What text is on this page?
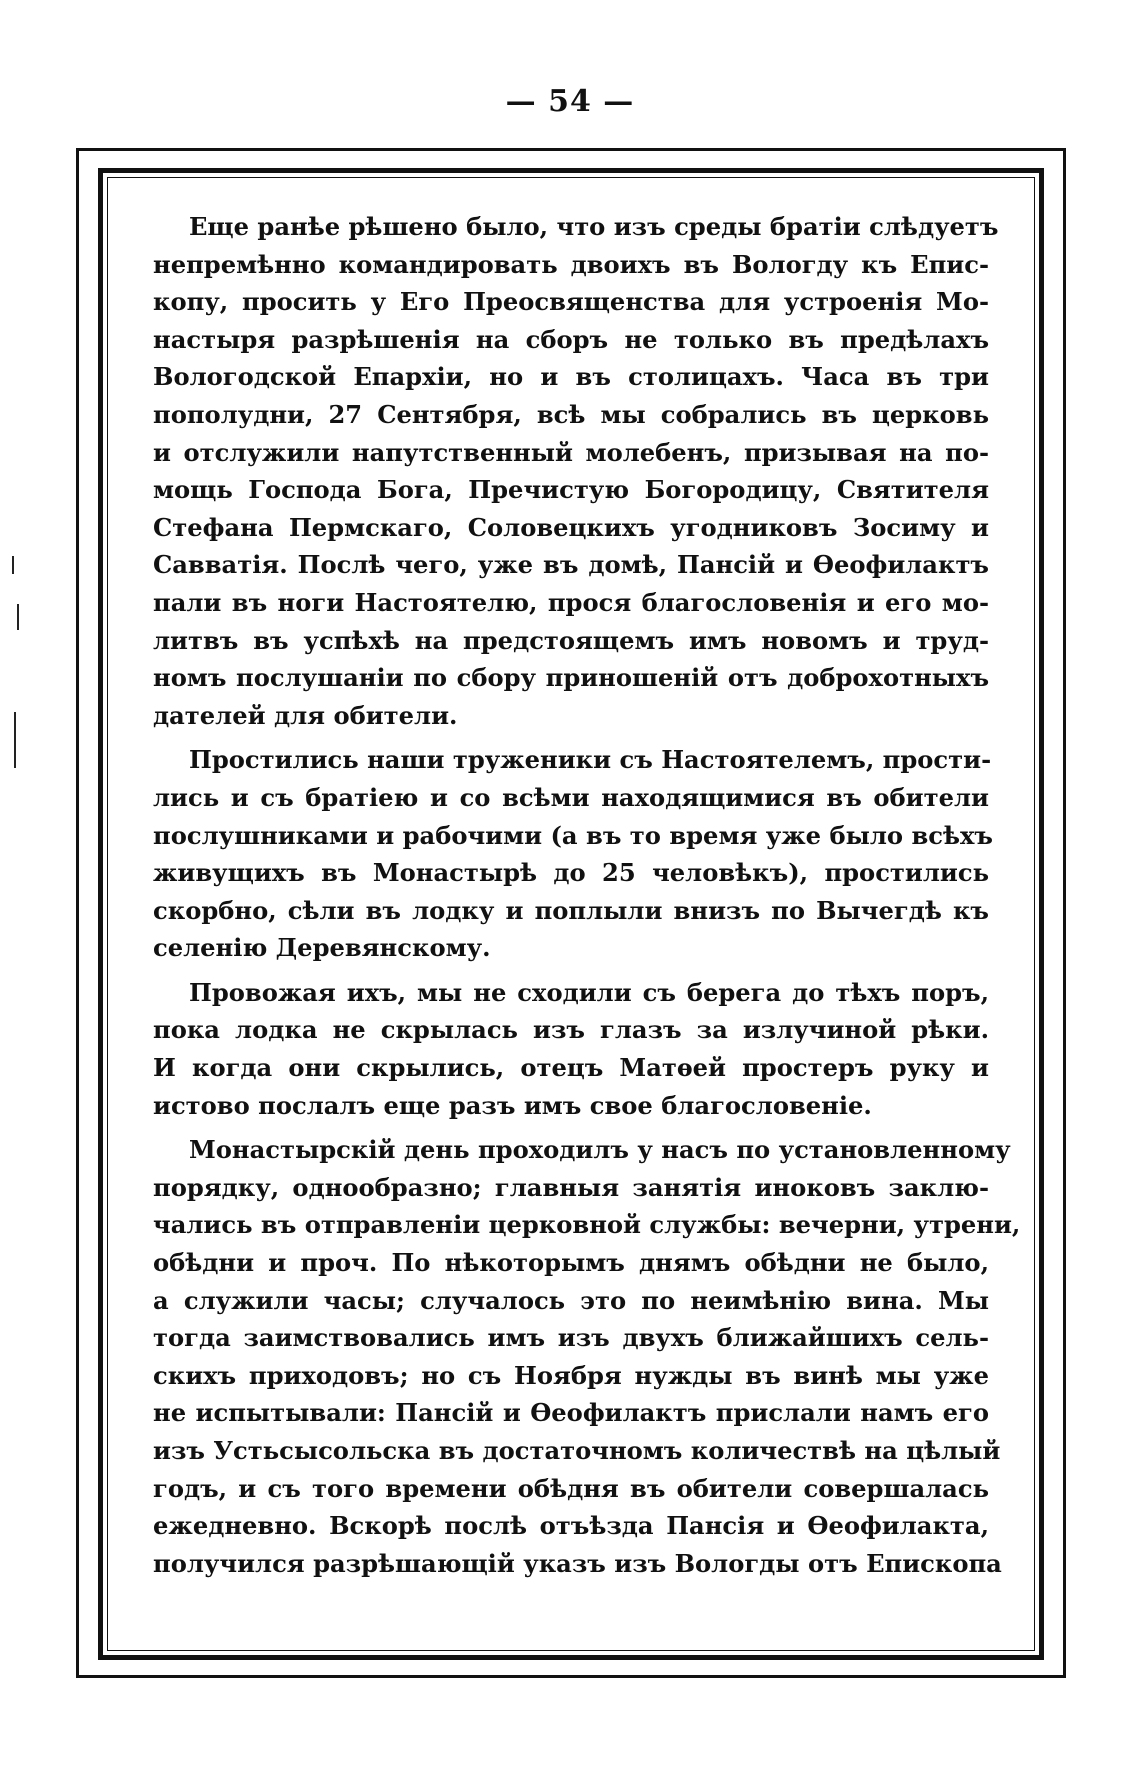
— 54 —
Еще ранѣе рѣшено было, что изъ среды братіи слѣдуетъ
непремѣнно командировать двоихъ въ Вологду къ Епис-
копу, просить у Его Преосвященства для устроенія Мо-
настыря разрѣшенія на сборъ не только въ предѣлахъ
Вологодской Епархіи, но и въ столицахъ. Часа въ три
пополудни, 27 Сентября, всѣ мы собрались въ церковь
и отслужили напутственный молебенъ, призывая на по-
мощь Господа Бога, Пречистую Богородицу, Святителя
Стефана Пермскаго, Соловецкихъ угодниковъ Зосиму и
Савватія. Послѣ чего, уже въ домѣ, Пансій и Ѳеофилактъ
пали въ ноги Настоятелю, прося благословенія и его мо-
литвъ въ успѣхѣ на предстоящемъ имъ новомъ и труд-
номъ послушаніи по сбору приношеній отъ доброхотныхъ
дателей для обители.
Простились наши труженики съ Настоятелемъ, прости-
лись и съ братіею и со всѣми находящимися въ обители
послушниками и рабочими (а въ то время уже было всѣхъ
живущихъ въ Монастырѣ до 25 человѣкъ), простились
скорбно, сѣли въ лодку и поплыли внизъ по Вычегдѣ къ
селенію Деревянскому.
Провожая ихъ, мы не сходили съ берега до тѣхъ поръ,
пока лодка не скрылась изъ глазъ за излучиной рѣки.
И когда они скрылись, отецъ Матѳей простеръ руку и
истово послалъ еще разъ имъ свое благословеніе.
Монастырскій день проходилъ у насъ по установленному
порядку, однообразно; главныя занятія иноковъ заклю-
чались въ отправленіи церковной службы: вечерни, утрени,
обѣдни и проч. По нѣкоторымъ днямъ обѣдни не было,
а служили часы; случалось это по неимѣнію вина. Мы
тогда заимствовались имъ изъ двухъ ближайшихъ сель-
скихъ приходовъ; но съ Ноября нужды въ винѣ мы уже
не испытывали: Пансій и Ѳеофилактъ прислали намъ его
изъ Устьсысольска въ достаточномъ количествѣ на цѣлый
годъ, и съ того времени обѣдня въ обители совершалась
ежедневно. Вскорѣ послѣ отъѣзда Пансія и Ѳеофилакта,
получился разрѣшающій указъ изъ Вологды отъ Епископа
